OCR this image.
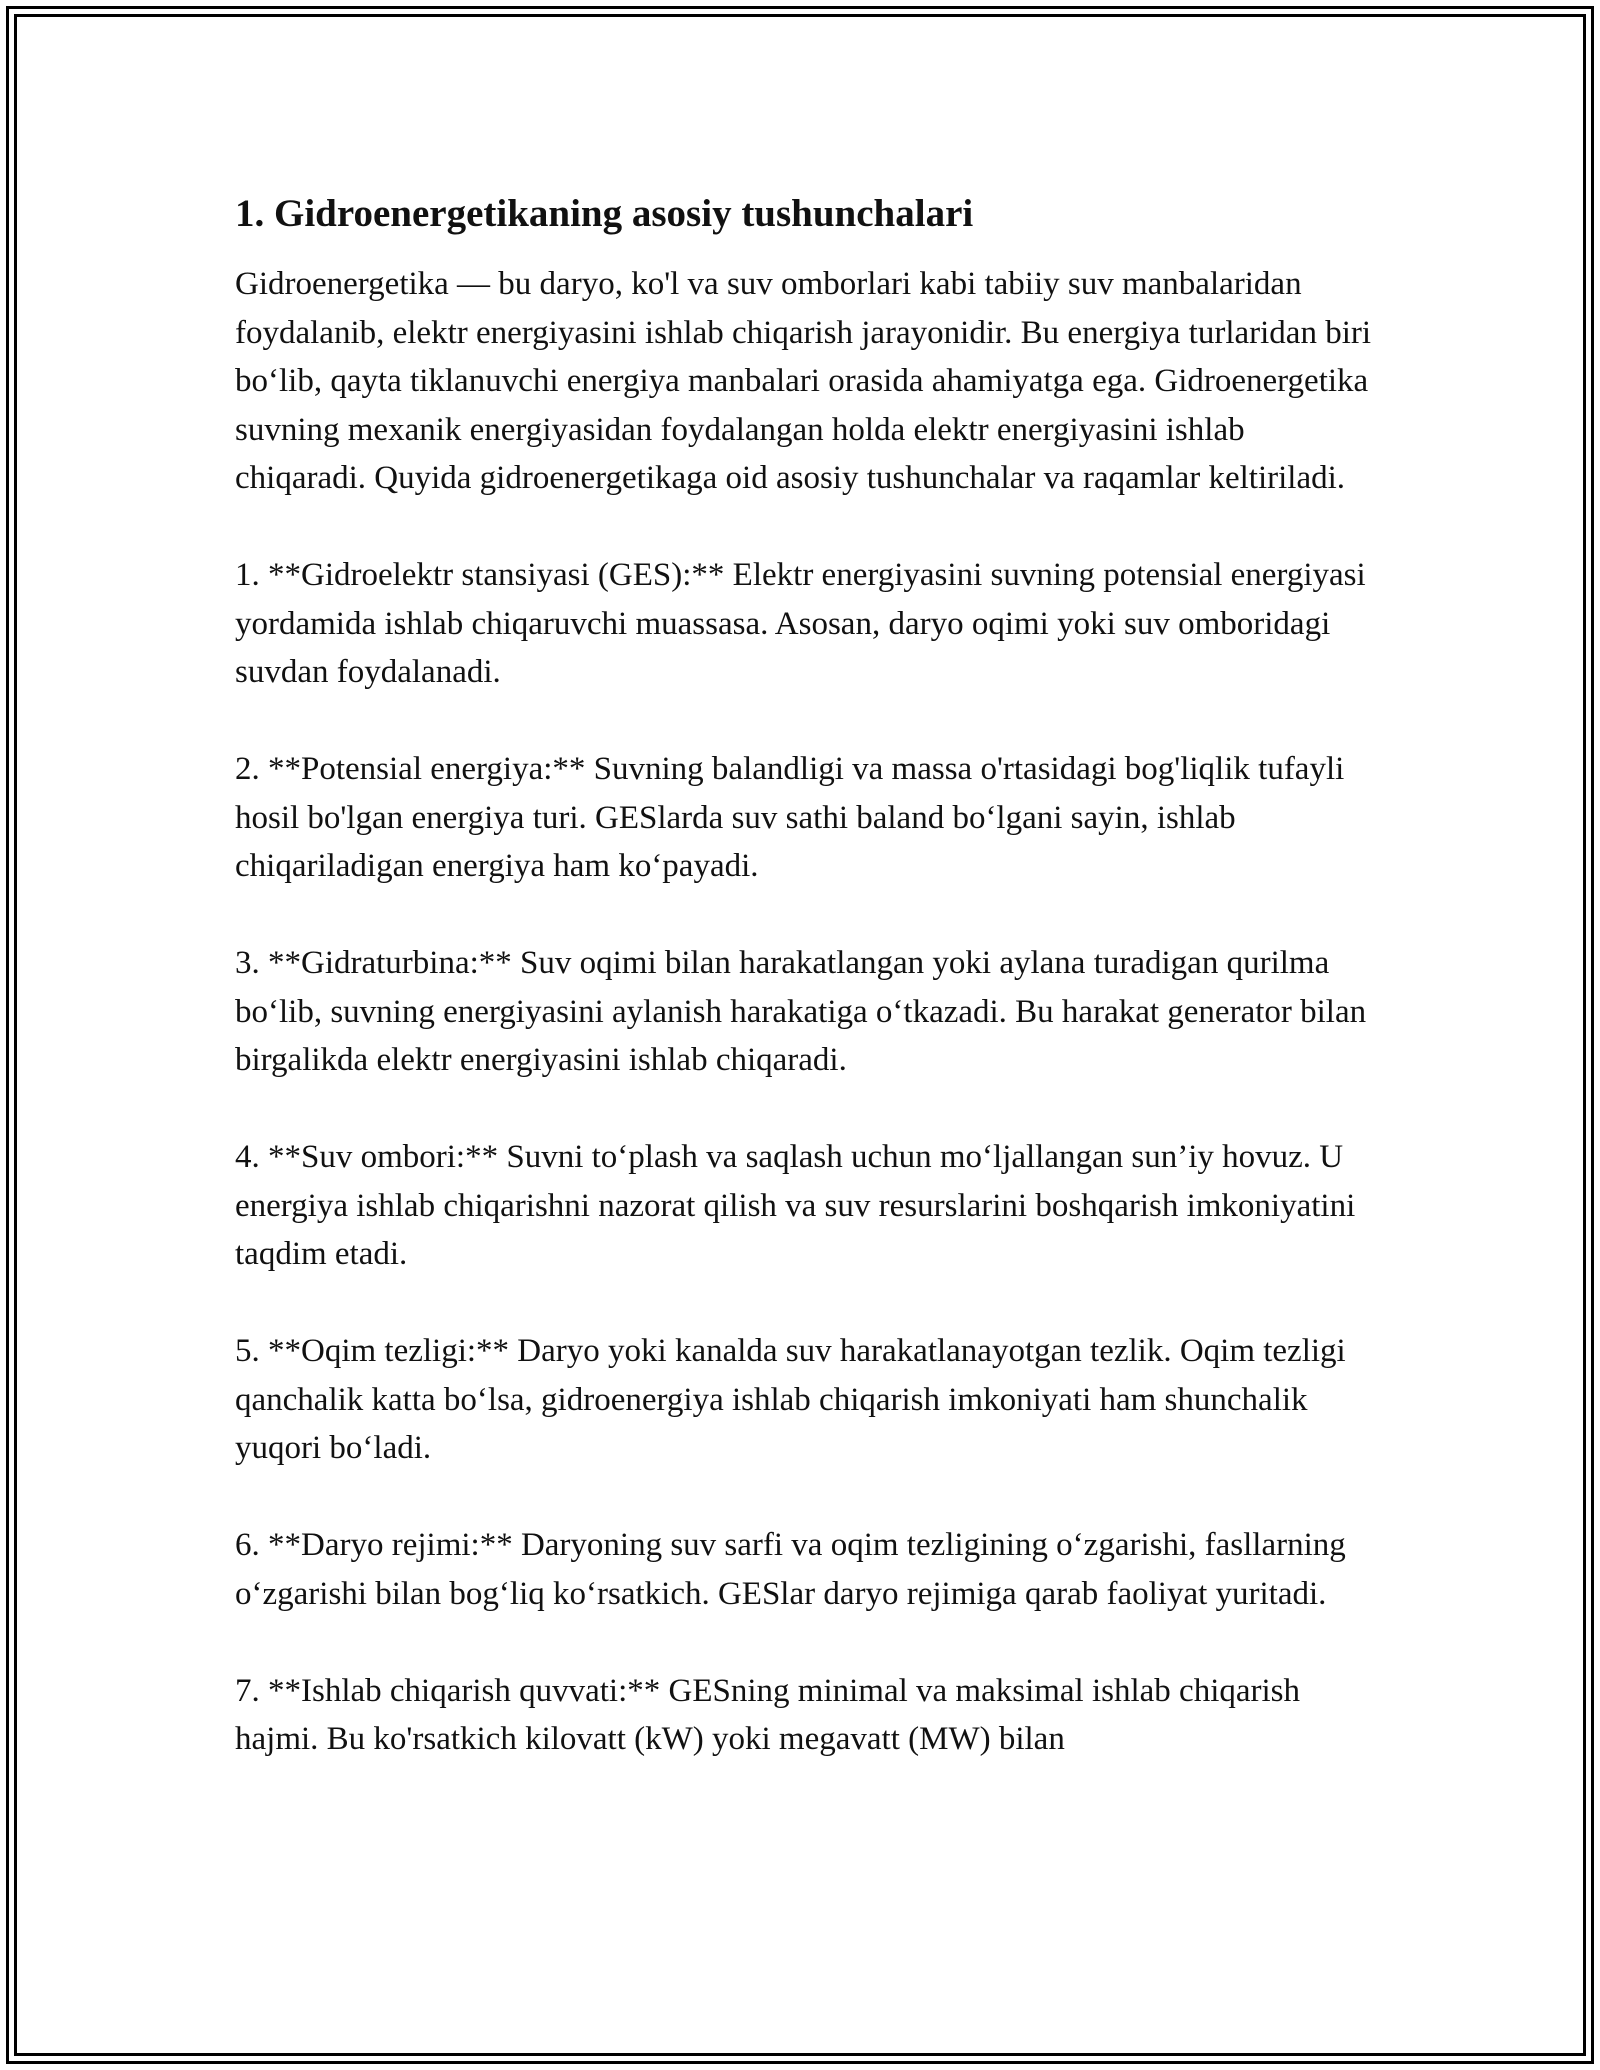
1. Gidroenergetikaning asosiy tushunchalari

Gidroenergetika — bu daryo, ko'l va suv omborlari kabi tabiiy suv manbalaridan foydalanib, elektr energiyasini ishlab chiqarish jarayonidir. Bu energiya turlaridan biri bo‘lib, qayta tiklanuvchi energiya manbalari orasida ahamiyatga ega. Gidroenergetika suvning mexanik energiyasidan foydalangan holda elektr energiyasini ishlab chiqaradi. Quyida gidroenergetikaga oid asosiy tushunchalar va raqamlar keltiriladi.

1. **Gidroelektr stansiyasi (GES):** Elektr energiyasini suvning potensial energiyasi yordamida ishlab chiqaruvchi muassasa. Asosan, daryo oqimi yoki suv omboridagi suvdan foydalanadi.

2. **Potensial energiya:** Suvning balandligi va massa o'rtasidagi bog'liqlik tufayli hosil bo'lgan energiya turi. GESlarda suv sathi baland bo‘lgani sayin, ishlab chiqariladigan energiya ham ko‘payadi.

3. **Gidraturbina:** Suv oqimi bilan harakatlangan yoki aylana turadigan qurilma bo‘lib, suvning energiyasini aylanish harakatiga o‘tkazadi. Bu harakat generator bilan birgalikda elektr energiyasini ishlab chiqaradi.

4. **Suv ombori:** Suvni to‘plash va saqlash uchun mo‘ljallangan sun’iy hovuz. U energiya ishlab chiqarishni nazorat qilish va suv resurslarini boshqarish imkoniyatini taqdim etadi.

5. **Oqim tezligi:** Daryo yoki kanalda suv harakatlanayotgan tezlik. Oqim tezligi qanchalik katta bo‘lsa, gidroenergiya ishlab chiqarish imkoniyati ham shunchalik yuqori bo‘ladi.

6. **Daryo rejimi:** Daryoning suv sarfi va oqim tezligining o‘zgarishi, fasllarning o‘zgarishi bilan bog‘liq ko‘rsatkich. GESlar daryo rejimiga qarab faoliyat yuritadi.

7. **Ishlab chiqarish quvvati:** GESning minimal va maksimal ishlab chiqarish hajmi. Bu ko'rsatkich kilovatt (kW) yoki megavatt (MW) bilan
